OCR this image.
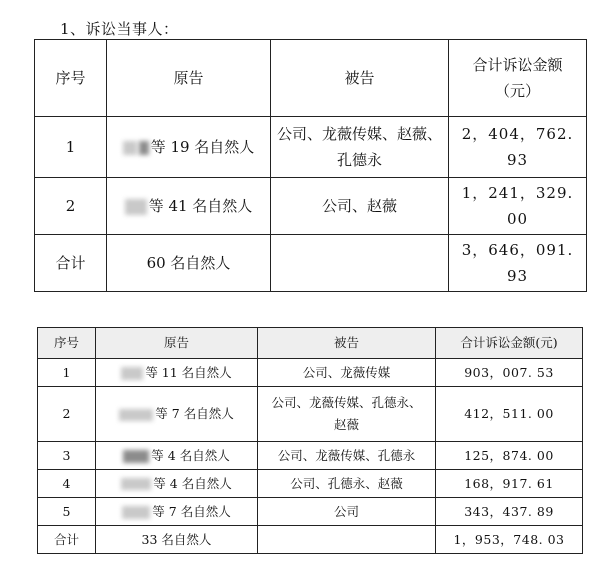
1、诉讼当事人：
序号	原告	被告	合计诉讼金额
（元）

1	等 19 名自然人	公司、龙薇传媒、赵薇、
孔德永	2，404，762. 93
2	等 41 名自然人	公司、赵薇	1，241，329. 00
合计	60 名自然人		3，646，091. 93
序号	原告	被告	合计诉讼金额(元)
1	等 11 名自然人	公司、龙薇传媒	903，007. 53
2	等 7 名自然人	公司、龙薇传媒、孔德永、
赵薇	412，511. 00
3	等 4 名自然人	公司、龙薇传媒、孔德永	125，874. 00
4	等 4 名自然人	公司、孔德永、赵薇	168，917. 61
5	等 7 名自然人	公司	343，437. 89
合计	33 名自然人		1，953，748. 03
